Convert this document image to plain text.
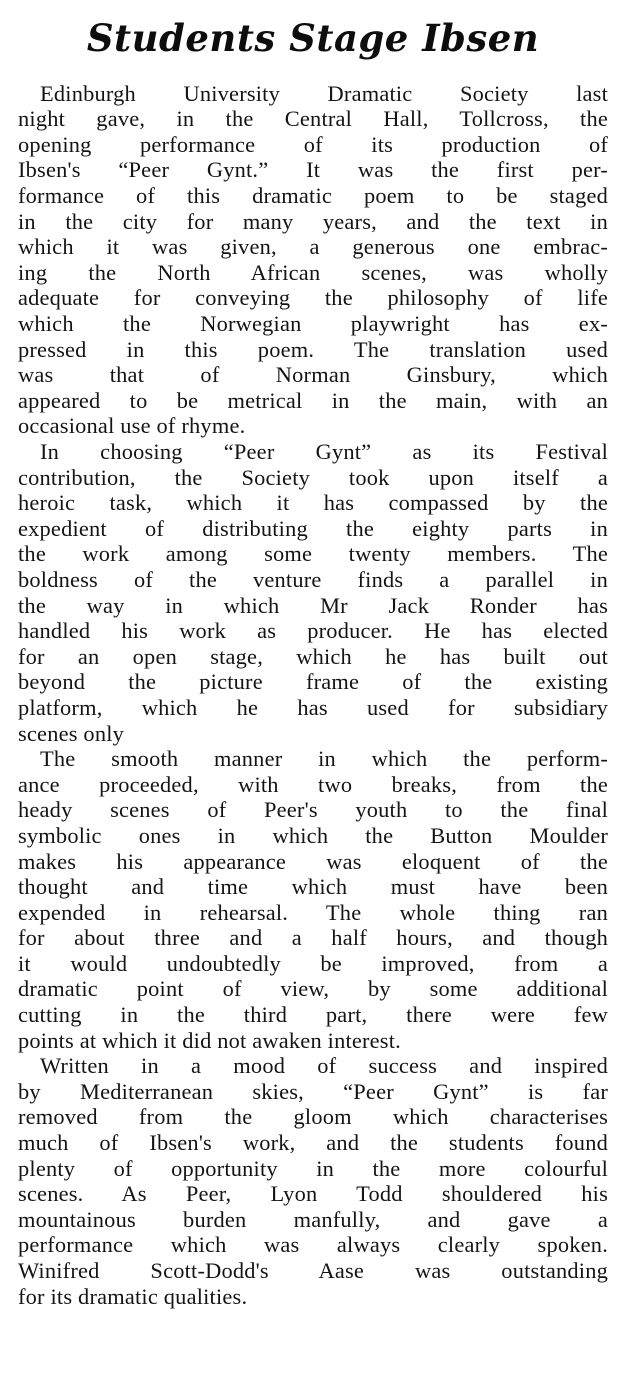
Students Stage Ibsen

Edinburgh University Dramatic Society last
night gave, in the Central Hall, Tollcross, the
opening performance of its production of
Ibsen's “Peer Gynt.” It was the first per-
formance of this dramatic poem to be staged
in the city for many years, and the text in
which it was given, a generous one embrac-
ing the North African scenes, was wholly
adequate for conveying the philosophy of life
which the Norwegian playwright has ex-
pressed in this poem. The translation used
was that of Norman Ginsbury, which
appeared to be metrical in the main, with an
occasional use of rhyme.

In choosing “Peer Gynt” as its Festival
contribution, the Society took upon itself a
heroic task, which it has compassed by the
expedient of distributing the eighty parts in
the work among some twenty members. The
boldness of the venture finds a parallel in
the way in which Mr Jack Ronder has
handled his work as producer. He has elected
for an open stage, which he has built out
beyond the picture frame of the existing
platform, which he has used for subsidiary
scenes only

The smooth manner in which the perform-
ance proceeded, with two breaks, from the
heady scenes of Peer's youth to the final
symbolic ones in which the Button Moulder
makes his appearance was eloquent of the
thought and time which must have been
expended in rehearsal. The whole thing ran
for about three and a half hours, and though
it would undoubtedly be improved, from a
dramatic point of view, by some additional
cutting in the third part, there were few
points at which it did not awaken interest.

Written in a mood of success and inspired
by Mediterranean skies, “Peer Gynt” is far
removed from the gloom which characterises
much of Ibsen's work, and the students found
plenty of opportunity in the more colourful
scenes. As Peer, Lyon Todd shouldered his
mountainous burden manfully, and gave a
performance which was always clearly spoken.
Winifred Scott-Dodd's Aase was outstanding
for its dramatic qualities.
